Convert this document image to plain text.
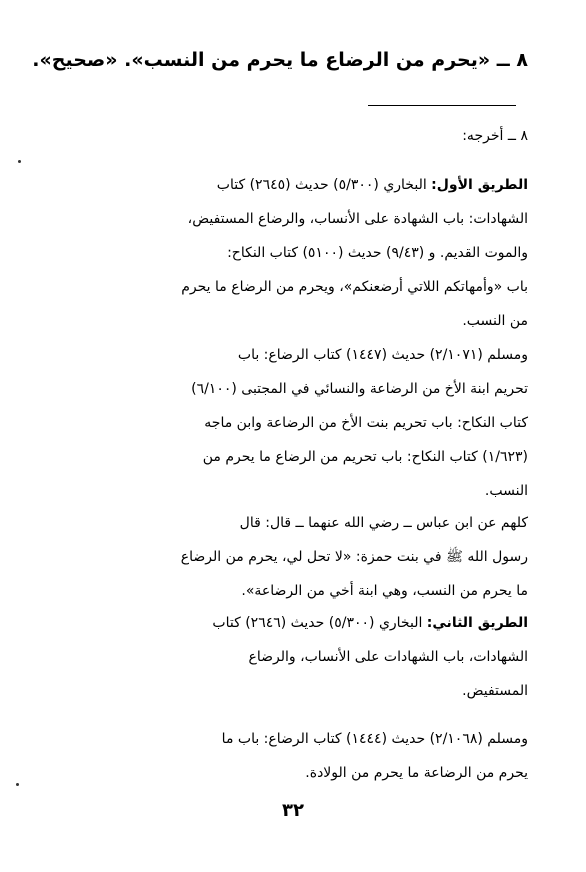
٨ ــ «يحرم من الرضاع ما يحرم من النسب». «صحيح».
٨ ــ أخرجه:
الطريق الأول: البخاري (٥/٣٠٠) حديث (٢٦٤٥) كتاب
الشهادات: باب الشهادة على الأنساب، والرضاع المستفيض،
والموت القديم. و (٩/٤٣) حديث (٥١٠٠) كتاب النكاح:
باب «وأمهاتكم اللاتي أرضعنكم»، ويحرم من الرضاع ما يحرم
من النسب.
ومسلم (٢/١٠٧١) حديث (١٤٤٧) كتاب الرضاع: باب
تحريم ابنة الأخ من الرضاعة والنسائي في المجتبى (٦/١٠٠)
كتاب النكاح: باب تحريم بنت الأخ من الرضاعة وابن ماجه
(١/٦٢٣) كتاب النكاح: باب تحريم من الرضاع ما يحرم من
النسب.
كلهم عن ابن عباس ــ رضي الله عنهما ــ قال: قال
رسول الله ﷺ في بنت حمزة: «لا تحل لي، يحرم من الرضاع
ما يحرم من النسب، وهي ابنة أخي من الرضاعة».
الطريق الثاني: البخاري (٥/٣٠٠) حديث (٢٦٤٦) كتاب
الشهادات، باب الشهادات على الأنساب، والرضاع
المستفيض.
ومسلم (٢/١٠٦٨) حديث (١٤٤٤) كتاب الرضاع: باب ما
يحرم من الرضاعة ما يحرم من الولادة.
٣٢
